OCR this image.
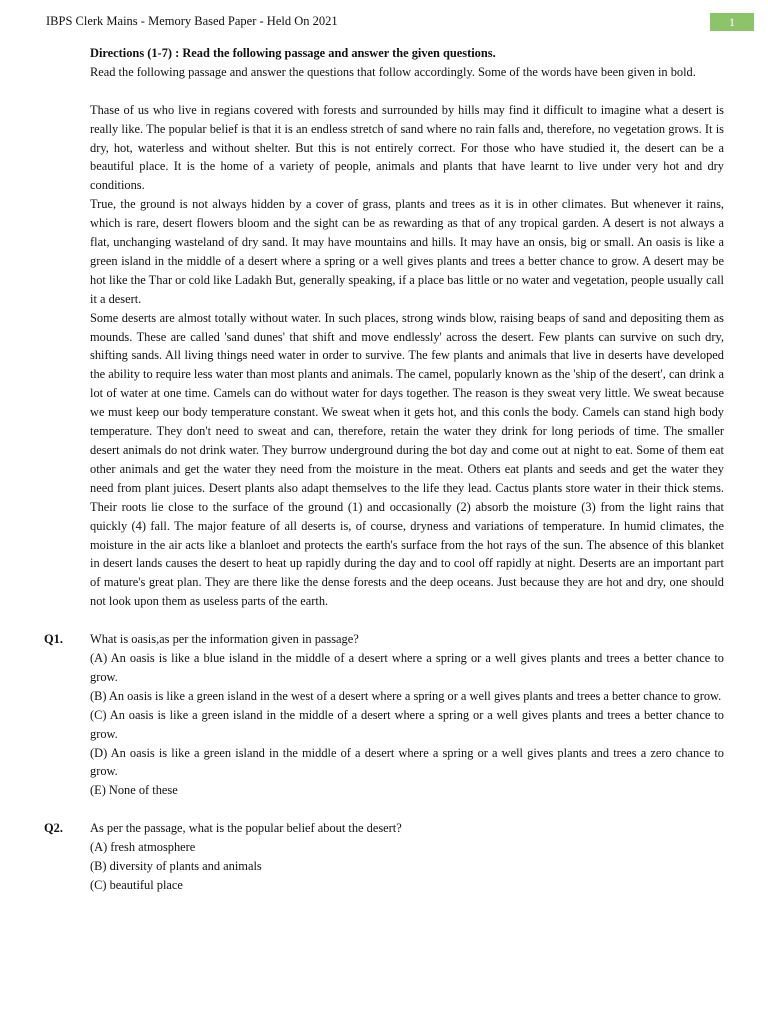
IBPS Clerk Mains - Memory Based Paper - Held On 2021	1

Directions (1-7) : Read the following passage and answer the given questions.

Read the following passage and answer the questions that follow accordingly. Some of the words have been given in bold.

Thase of us who live in regians covered with forests and surrounded by hills may find it difficult to imagine what a desert is really like. The popular belief is that it is an endless stretch of sand where no rain falls and, therefore, no vegetation grows. It is dry, hot, waterless and without shelter. But this is not entirely correct. For those who have studied it, the desert can be a beautiful place. It is the home of a variety of people, animals and plants that have learnt to live under very hot and dry conditions.

True, the ground is not always hidden by a cover of grass, plants and trees as it is in other climates. But whenever it rains, which is rare, desert flowers bloom and the sight can be as rewarding as that of any tropical garden. A desert is not always a flat, unchanging wasteland of dry sand. It may have mountains and hills. It may have an onsis, big or small. An oasis is like a green island in the middle of a desert where a spring or a well gives plants and trees a better chance to grow. A desert may be hot like the Thar or cold like Ladakh But, generally speaking, if a place bas little or no water and vegetation, people usually call it a desert.

Some deserts are almost totally without water. In such places, strong winds blow, raising beaps of sand and depositing them as mounds. These are called 'sand dunes' that shift and move endlessly' across the desert. Few plants can survive on such dry, shifting sands. All living things need water in order to survive. The few plants and animals that live in deserts have developed the ability to require less water than most plants and animals. The camel, popularly known as the 'ship of the desert', can drink a lot of water at one time. Camels can do without water for days together. The reason is they sweat very little. We sweat because we must keep our body temperature constant. We sweat when it gets hot, and this conls the body. Camels can stand high body temperature. They don't need to sweat and can, therefore, retain the water they drink for long periods of time. The smaller desert animals do not drink water. They burrow underground during the bot day and come out at night to eat. Some of them eat other animals and get the water they need from the moisture in the meat. Others eat plants and seeds and get the water they need from plant juices. Desert plants also adapt themselves to the life they lead. Cactus plants store water in their thick stems. Their roots lie close to the surface of the ground (1) and occasionally (2) absorb the moisture (3) from the light rains that quickly (4) fall. The major feature of all deserts is, of course, dryness and variations of temperature. In humid climates, the moisture in the air acts like a blanloet and protects the earth's surface from the hot rays of the sun. The absence of this blanket in desert lands causes the desert to heat up rapidly during the day and to cool off rapidly at night. Deserts are an important part of mature's great plan. They are there like the dense forests and the deep oceans. Just because they are hot and dry, one should not look upon them as useless parts of the earth.

Q1. What is oasis,as per the information given in passage?

(A) An oasis is like a blue island in the middle of a desert where a spring or a well gives plants and trees a better chance to grow.

(B) An oasis is like a green island in the west of a desert where a spring or a well gives plants and trees a better chance to grow.

(C) An oasis is like a green island in the middle of a desert where a spring or a well gives plants and trees a better chance to grow.

(D) An oasis is like a green island in the middle of a desert where a spring or a well gives plants and trees a zero chance to grow.

(E) None of these

Q2. As per the passage, what is the popular belief about the desert?

(A) fresh atmosphere

(B) diversity of plants and animals

(C) beautiful place
